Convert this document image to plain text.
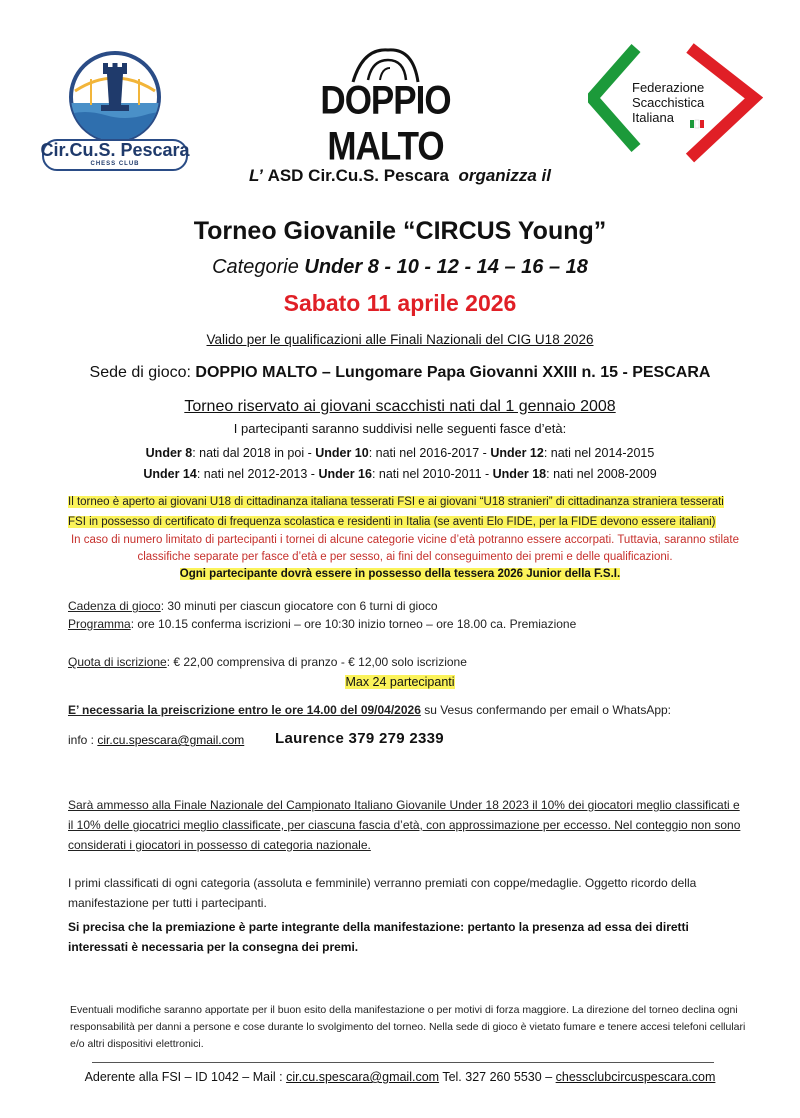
Cir.Cu.S. Pescara
CHESS CLUB
DOPPIO MALTO
Federazione
Scacchistica
Italiana
L’ ASD Cir.Cu.S. Pescara organizza il
Torneo Giovanile “CIRCUS Young”
Categorie Under 8 - 10 - 12 - 14 – 16 – 18
Sabato 11 aprile 2026
Valido per le qualificazioni alle Finali Nazionali del CIG U18 2026
Sede di gioco: DOPPIO MALTO – Lungomare Papa Giovanni XXIII n. 15 - PESCARA
Torneo riservato ai giovani scacchisti nati dal 1 gennaio 2008
I partecipanti saranno suddivisi nelle seguenti fasce d’età:
Under 8: nati dal 2018 in poi - Under 10: nati nel 2016-2017 - Under 12: nati nel 2014-2015
Under 14: nati nel 2012-2013 - Under 16: nati nel 2010-2011 - Under 18: nati nel 2008-2009
Il torneo è aperto ai giovani U18 di cittadinanza italiana tesserati FSI e ai giovani “U18 stranieri” di cittadinanza straniera tesserati
FSI in possesso di certificato di frequenza scolastica e residenti in Italia (se aventi Elo FIDE, per la FIDE devono essere italiani)
In caso di numero limitato di partecipanti i tornei di alcune categorie vicine d’età potranno essere accorpati. Tuttavia, saranno stilate classifiche separate per fasce d’età e per sesso, ai fini del conseguimento dei premi e delle qualificazioni.
Ogni partecipante dovrà essere in possesso della tessera 2026 Junior della F.S.I.
Cadenza di gioco: 30 minuti per ciascun giocatore con 6 turni di gioco
Programma: ore 10.15 conferma iscrizioni – ore 10:30 inizio torneo – ore 18.00 ca. Premiazione
Quota di iscrizione: € 22,00 comprensiva di pranzo - € 12,00 solo iscrizione
Max 24 partecipanti
E’ necessaria la preiscrizione entro le ore 14.00 del 09/04/2026 su Vesus confermando per email o WhatsApp:
info : cir.cu.spescara@gmail.com Laurence 379 279 2339
Sarà ammesso alla Finale Nazionale del Campionato Italiano Giovanile Under 18 2023 il 10% dei giocatori meglio classificati e il 10% delle giocatrici meglio classificate, per ciascuna fascia d’età, con approssimazione per eccesso. Nel conteggio non sono considerati i giocatori in possesso di categoria nazionale.
I primi classificati di ogni categoria (assoluta e femminile) verranno premiati con coppe/medaglie. Oggetto ricordo della manifestazione per tutti i partecipanti.
Si precisa che la premiazione è parte integrante della manifestazione: pertanto la presenza ad essa dei diretti interessati è necessaria per la consegna dei premi.
Eventuali modifiche saranno apportate per il buon esito della manifestazione o per motivi di forza maggiore. La direzione del torneo declina ogni responsabilità per danni a persone e cose durante lo svolgimento del torneo. Nella sede di gioco è vietato fumare e tenere accesi telefoni cellulari e/o altri dispositivi elettronici.
Aderente alla FSI – ID 1042 – Mail : cir.cu.spescara@gmail.com Tel. 327 260 5530 – chessclubcircuspescara.com
